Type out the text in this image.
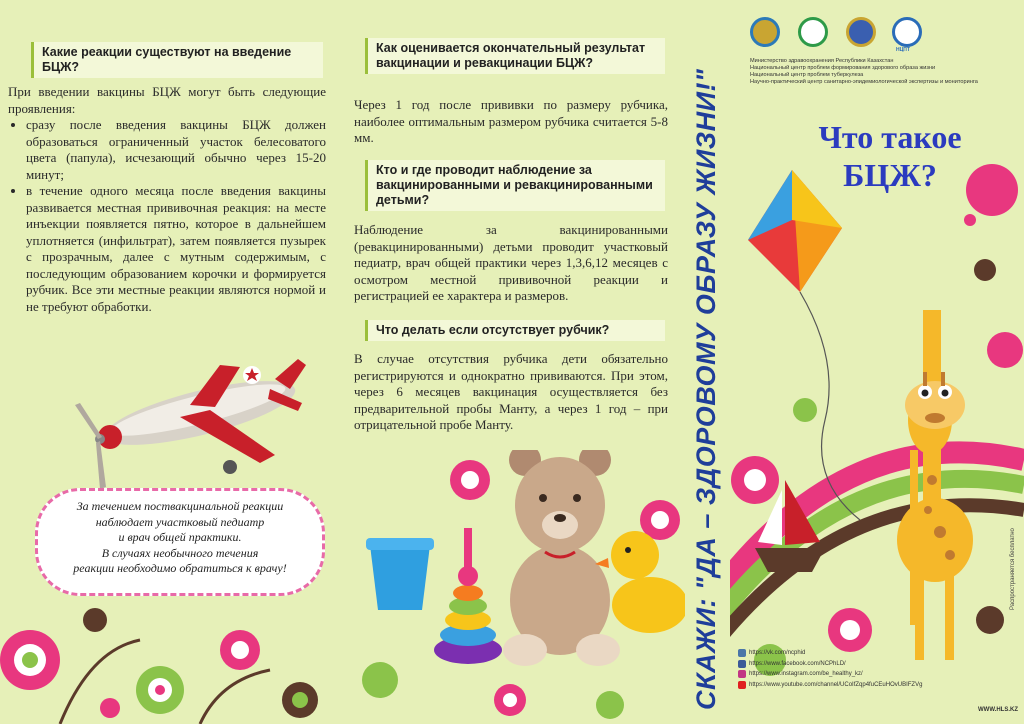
Какие реакции существуют на введение БЦЖ?
При введении вакцины БЦЖ могут быть следующие проявления:
• сразу после введения вакцины БЦЖ должен образоваться ограниченный участок белесоватого цвета (папула), исчезающий обычно через 15-20 минут;
• в течение одного месяца после введения вакцины развивается местная прививочная реакция: на месте инъекции появляется пятно, которое в дальнейшем уплотняется (инфильтрат), затем появляется пузырек с прозрачным, далее с мутным содержимым, с последующим образованием корочки и формируется рубчик. Все эти местные реакции являются нормой и не требуют обработки.
За течением поствакцинальной реакции
наблюдает участковый педиатр
и врач общей практики.
В случаях необычного течения
реакции необходимо обратиться к врачу!
Как оценивается окончательный результат вакцинации и ревакцинации БЦЖ?
Через 1 год после прививки по размеру рубчика, наиболее оптимальным размером рубчика считается 5-8 мм.
Кто и где проводит наблюдение за вакцинированными и ревакцинированными детьми?
Наблюдение за вакцинированными (ревакцинированными) детьми проводит участковый педиатр, врач общей практики через 1,3,6,12 месяцев с осмотром местной прививочной реакции и регистрацией ее характера и размеров.
Что делать если отсутствует рубчик?
В случае отсутствия рубчика дети обязательно регистрируются и однократно прививаются. При этом, через 6 месяцев вакцинация осуществляется без предварительной пробы Манту, а через 1 год – при отрицательной пробе Манту.	СКАЖИ: "ДА – ЗДОРОВОМУ ОБРАЗУ ЖИЗНИ!"
НЦПТ
Министерство здравоохранения Республики Казахстан
Национальный центр проблем формирования здорового образа жизни
Национальный центр проблем туберкулеза
Научно-практический центр санитарно-эпидемиологической экспертизы и мониторинга
Что такое
БЦЖ?
Распространяется бесплатно
https://vk.com/ncphid
https://www.facebook.com/NCPhLD/
https://www.instagram.com/be_healthy_kz/
https://www.youtube.com/channel/UCoIfZqp4fuCEuHOvUBIFZVg
WWW.HLS.KZ
